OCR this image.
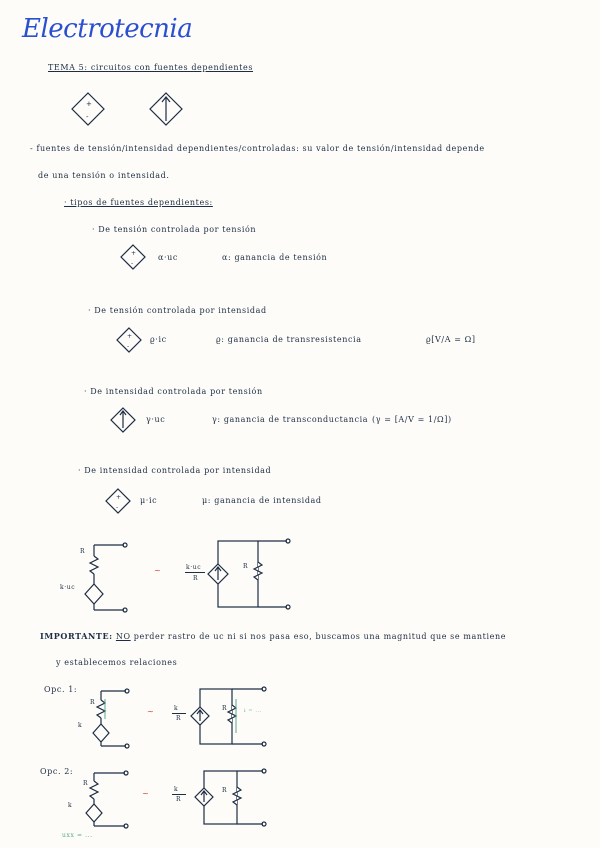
Electrotecnia
TEMA 5: circuitos con fuentes dependientes
+
-
+
-
+
-
+
-
- fuentes de tensión/intensidad dependientes/controladas: su valor de tensión/intensidad depende
de una tensión o intensidad.
· tipos de fuentes dependientes:
· De tensión controlada por tensión
α·uc	α: ganancia de tensión
· De tensión controlada por intensidad
ϱ·ic	ϱ: ganancia de transresistencia	ϱ[V/A = Ω]
· De intensidad controlada por tensión
γ·uc	γ: ganancia de transconductancia (γ = [A/V = 1/Ω])
· De intensidad controlada por intensidad
μ·ic	μ: ganancia de intensidad
R
k·uc
~	k·uc
R
R
IMPORTANTE: NO perder rastro de uc ni si nos pasa eso, buscamos una magnitud que se mantiene
y establecemos relaciones
Opc. 1:
R
k
~	k
R
R	i = ...
Opc. 2:
R
k
~	k
R
R
uxx = ...
